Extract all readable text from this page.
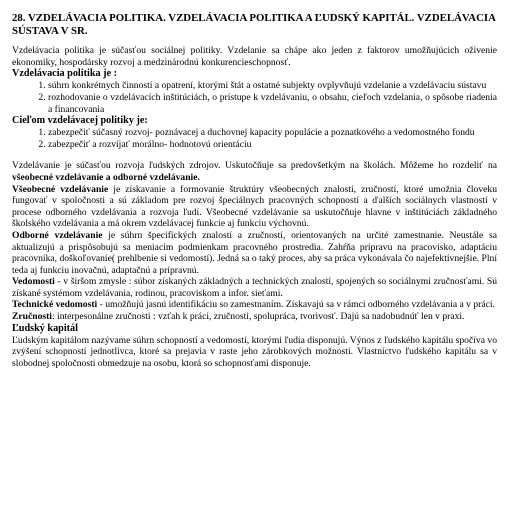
28. VZDELÁVACIA POLITIKA. VZDELÁVACIA POLITIKA A ĽUDSKÝ KAPITÁL. VZDELÁVACIA SÚSTAVA V SR.

Vzdelávacia politika je súčasťou sociálnej politiky. Vzdelanie sa chápe ako jeden z faktorov umožňujúcich oživenie ekonomiky, hospodársky rozvoj a medzinárodnú konkurencieschopnosť.

Vzdelávacia politika je :
1. súhrn konkrétnych činností a opatrení, ktorými štát a ostatné subjekty ovplyvňujú vzdelanie a vzdelávaciu sústavu
2. rozhodovanie o vzdelávacích inštitúciách, o prístupe k vzdelávaniu, o obsahu, cieľoch vzdelania, o spôsobe riadenia a financovania
Cieľom vzdelávacej politiky je:
1. zabezpečiť súčasný rozvoj- poznávacej a duchovnej kapacity populácie a poznatkového a vedomostného fondu
2. zabezpečiť a rozvíjať morálno- hodnotovú orientáciu

Vzdelávanie je súčasťou rozvoja ľudských zdrojov. Uskutočňuje sa predovšetkým na školách. Môžeme ho rozdeliť na všeobecné vzdelávanie a odborné vzdelávanie.

Všeobecné vzdelávanie je získavanie a formovanie štruktúry všeobecných znalostí, zručností, ktoré umožnia človeku fungovať v spoločnosti a sú základom pre rozvoj špeciálnych pracovných schopností a ďalších sociálnych vlastností v procese odborného vzdelávania a rozvoja ľudí. Všeobecné vzdelávanie sa uskutočňuje hlavne v inštitúciách základného školského vzdelávania a má okrem vzdelávacej funkcie aj funkciu výchovnú.

Odborné vzdelávanie je súhrn špecifických znalostí a zručností, orientovaných na určité zamestnanie. Neustále sa aktualizujú a prispôsobujú sa meniacim podmienkam pracovného prostredia. Zahŕňa prípravu na pracovisko, adaptáciu pracovníka, doškoľovanie( prehlbenie si vedomostí). Jedná sa o taký proces, aby sa práca vykonávala čo najefektívnejšie. Plní teda aj funkciu inovačnú, adaptačnú a prípravnú.

Vedomosti - v širšom zmysle : súbor získaných základných a technických znalostí, spojených so sociálnymi zručnosťami. Sú získané systémom vzdelávania, rodinou, pracoviskom a infor. sieťami.

Technické vedomosti - umožňujú jasnú identifikáciu so zamestnaním. Získavajú sa v rámci odborného vzdelávania a v práci.

Zručnosti: interpesonálne zručnosti : vzťah k práci, zručnosti, spolupráca, tvorivosť. Dajú sa nadobudnúť len v praxi.

Ľudský kapitál

Ľudským kapitálom nazývame súhrn schopností a vedomostí, ktorými ľudia disponujú. Výnos z ľudského kapitálu spočíva vo zvýšení schopností jednotlivca, ktoré sa prejavia v raste jeho zárobkových možností. Vlastníctvo ľudského kapitálu sa v slobodnej spoločnosti obmedzuje na osobu, ktorá so schopnosťami disponuje.
